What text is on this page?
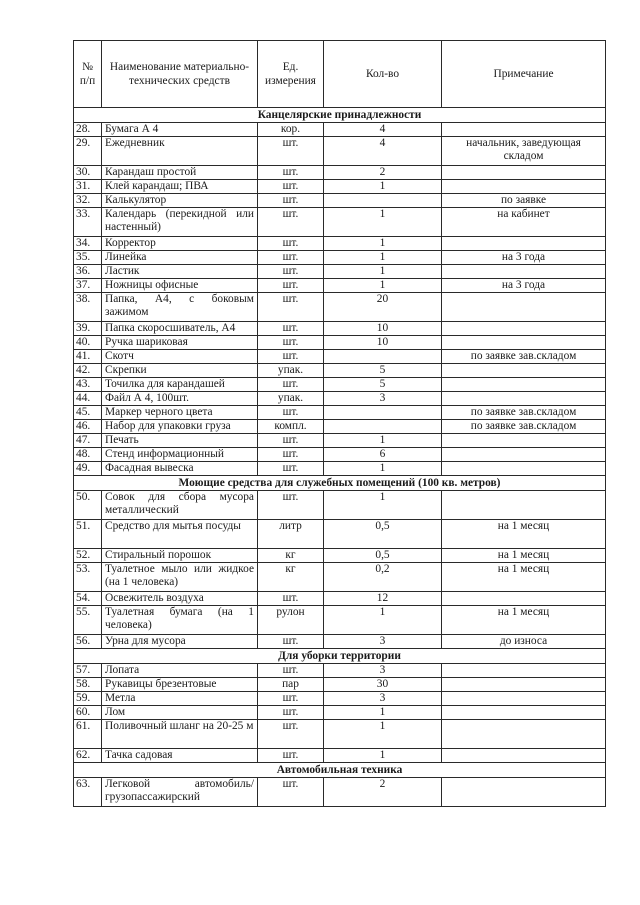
№ п/п	Наименование материально-технических средств	Ед. измерения	Кол-во	Примечание
Канцелярские принадлежности				
28.	Бумага А 4	кор.	4	
29.	Ежедневник	шт.	4	начальник, заведующая складом
30.	Карандаш простой	шт.	2	
31.	Клей карандаш; ПВА	шт.	1	
32.	Калькулятор	шт.		по заявке
33.	Календарь (перекидной или настенный)	шт.	1	на кабинет
34.	Корректор	шт.	1	
35.	Линейка	шт.	1	на 3 года
36.	Ластик	шт.	1	
37.	Ножницы офисные	шт.	1	на 3 года
38.	Папка, А4, с боковым зажимом	шт.	20	
39.	Папка скоросшиватель, А4	шт.	10	
40.	Ручка шариковая	шт.	10	
41.	Скотч	шт.		по заявке зав.складом
42.	Скрепки	упак.	5	
43.	Точилка для карандашей	шт.	5	
44.	Файл А 4, 100шт.	упак.	3	
45.	Маркер черного цвета	шт.		по заявке зав.складом
46.	Набор для упаковки груза	компл.		по заявке зав.складом
47.	Печать	шт.	1	
48.	Стенд информационный	шт.	6	
49.	Фасадная вывеска	шт.	1	
Моющие средства для служебных помещений (100 кв. метров)				
50.	Совок для сбора мусора металлический	шт.	1	
51.	Средство для мытья посуды	литр	0,5	на 1 месяц
52.	Стиральный порошок	кг	0,5	на 1 месяц
53.	Туалетное мыло или жидкое (на 1 человека)	кг	0,2	на 1 месяц
54.	Освежитель воздуха	шт.	12	
55.	Туалетная бумага (на 1 человека)	рулон	1	на 1 месяц
56.	Урна для мусора	шт.	3	до износа
Для уборки территории				
57.	Лопата	шт.	3	
58.	Рукавицы брезентовые	пар	30	
59.	Метла	шт.	3	
60.	Лом	шт.	1	
61.	Поливочный шланг на 20-25 м	шт.	1	
62.	Тачка садовая	шт.	1	
Автомобильная техника				
63.	Легковой автомобиль/ грузопассажирский	шт.	2	
